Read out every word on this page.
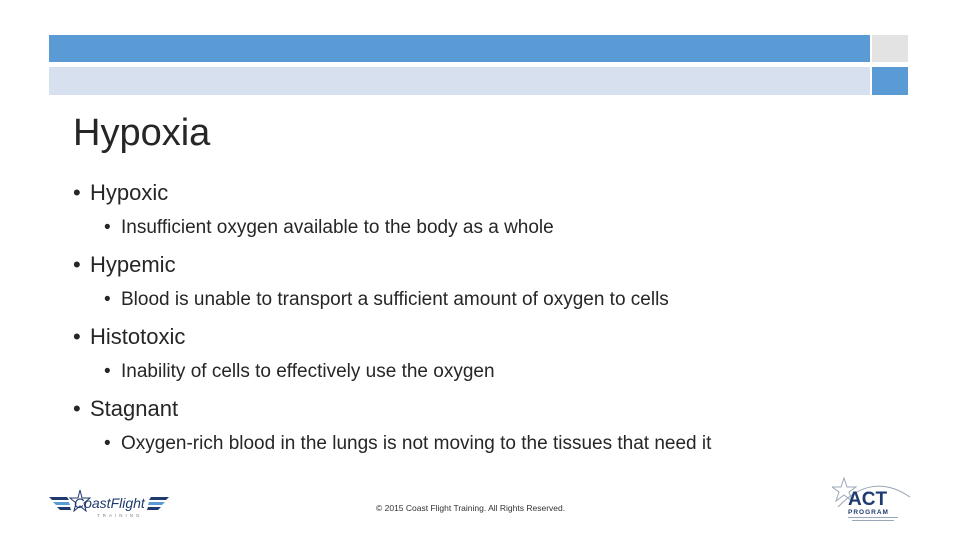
Hypoxia
• Hypoxic
• Insufficient oxygen available to the body as a whole
• Hypemic
• Blood is unable to transport a sufficient amount of oxygen to cells
• Histotoxic
• Inability of cells to effectively use the oxygen
• Stagnant
• Oxygen-rich blood in the lungs is not moving to the tissues that need it
CoastFlight
TRAINING
© 2015 Coast Flight Training. All Rights Reserved.	ACT
PROGRAM
